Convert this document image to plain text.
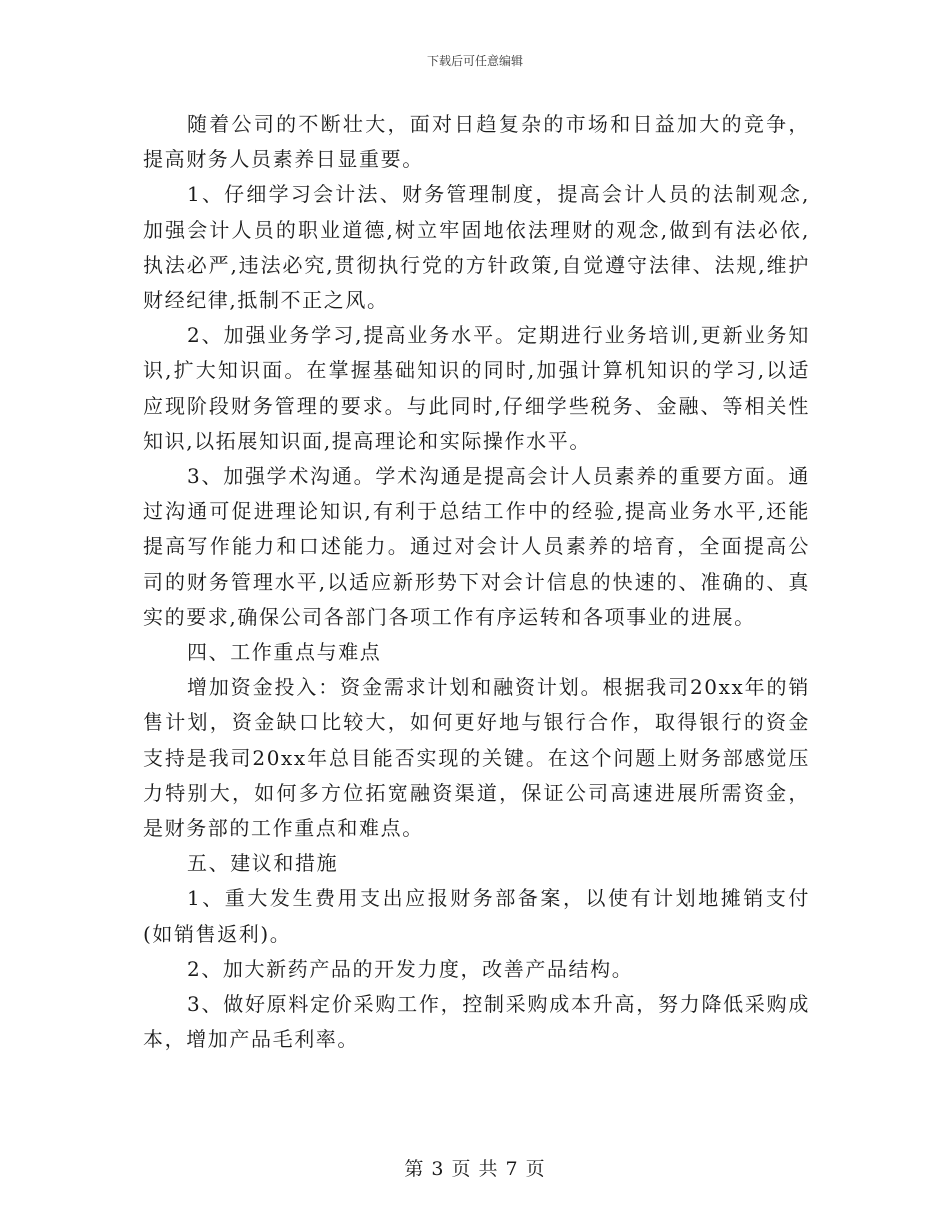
下载后可任意编辑

随着公司的不断壮大，面对日趋复杂的市场和日益加大的竞争，提高财务人员素养日显重要。

1、仔细学习会计法、财务管理制度，提高会计人员的法制观念,加强会计人员的职业道德,树立牢固地依法理财的观念,做到有法必依,执法必严,违法必究,贯彻执行党的方针政策,自觉遵守法律、法规,维护财经纪律,抵制不正之风。

2、加强业务学习,提高业务水平。定期进行业务培训,更新业务知识,扩大知识面。在掌握基础知识的同时,加强计算机知识的学习,以适应现阶段财务管理的要求。与此同时,仔细学些税务、金融、等相关性知识,以拓展知识面,提高理论和实际操作水平。

3、加强学术沟通。学术沟通是提高会计人员素养的重要方面。通过沟通可促进理论知识,有利于总结工作中的经验,提高业务水平,还能提高写作能力和口述能力。通过对会计人员素养的培育，全面提高公司的财务管理水平,以适应新形势下对会计信息的快速的、准确的、真实的要求,确保公司各部门各项工作有序运转和各项事业的进展。

四、工作重点与难点

增加资金投入：资金需求计划和融资计划。根据我司20xx年的销售计划，资金缺口比较大，如何更好地与银行合作，取得银行的资金支持是我司20xx年总目能否实现的关键。在这个问题上财务部感觉压力特别大，如何多方位拓宽融资渠道，保证公司高速进展所需资金，是财务部的工作重点和难点。

五、建议和措施

1、重大发生费用支出应报财务部备案，以使有计划地摊销支付(如销售返利)。

2、加大新药产品的开发力度，改善产品结构。

3、做好原料定价采购工作，控制采购成本升高，努力降低采购成本，增加产品毛利率。

第 3 页 共 7 页
